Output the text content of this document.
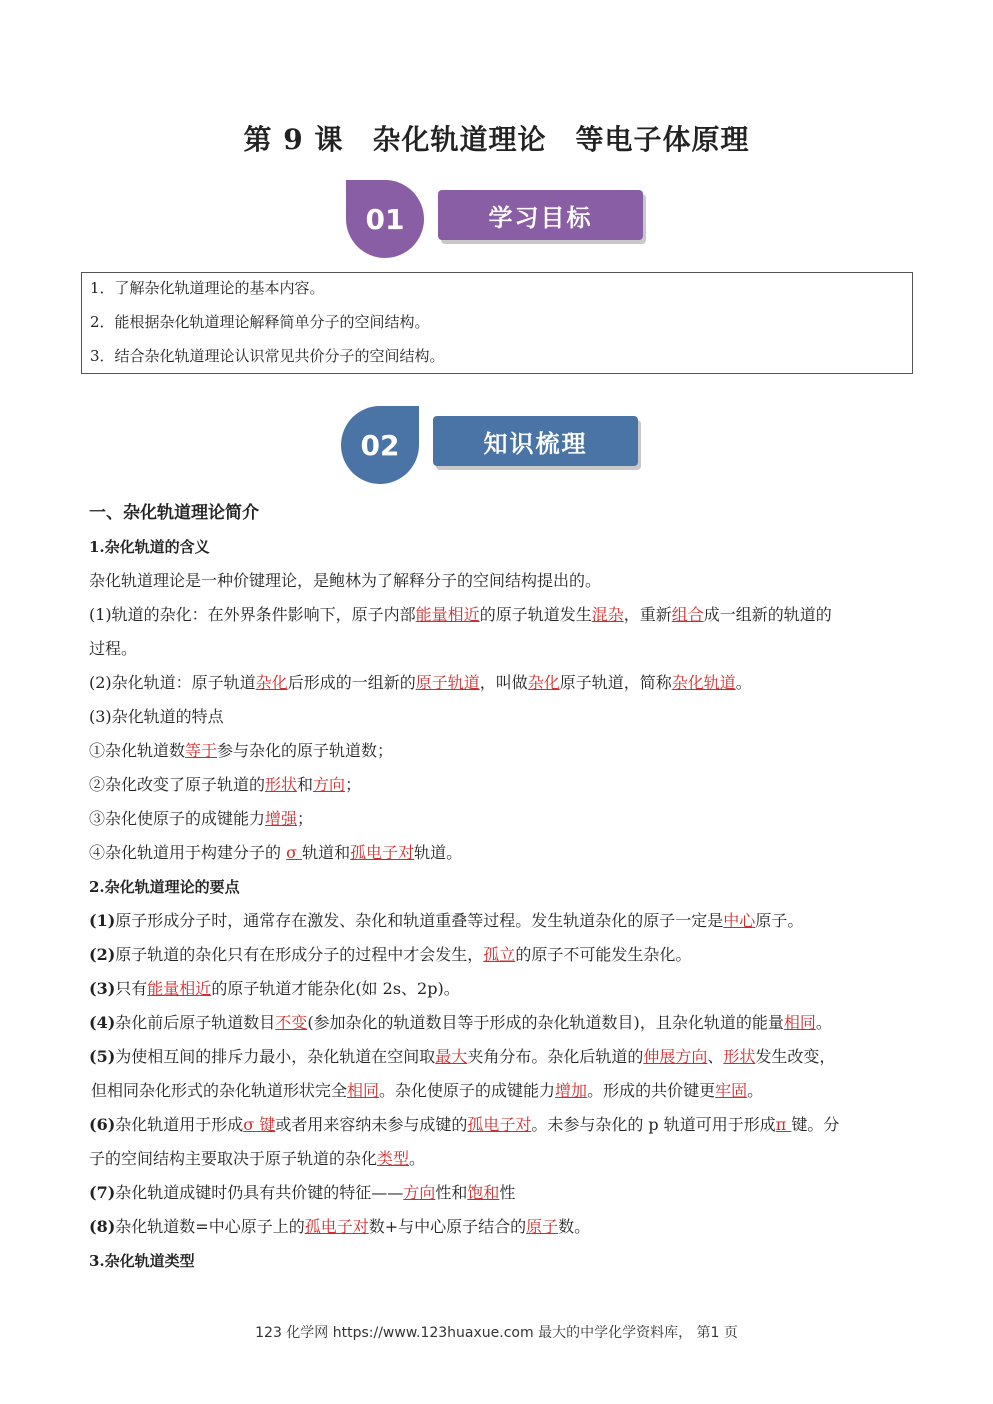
第 9 课　杂化轨道理论　等电子体原理
01	学习目标
1．了解杂化轨道理论的基本内容。
2．能根据杂化轨道理论解释简单分子的空间结构。
3．结合杂化轨道理论认识常见共价分子的空间结构。
02	知识梳理
一、杂化轨道理论简介
1.杂化轨道的含义
杂化轨道理论是一种价键理论，是鲍林为了解释分子的空间结构提出的。
(1)轨道的杂化：在外界条件影响下，原子内部能量相近的原子轨道发生混杂，重新组合成一组新的轨道的
过程。
(2)杂化轨道：原子轨道杂化后形成的一组新的原子轨道，叫做杂化原子轨道，简称杂化轨道。
(3)杂化轨道的特点
①杂化轨道数等于参与杂化的原子轨道数；
②杂化改变了原子轨道的形状和方向；
③杂化使原子的成键能力增强；
④杂化轨道用于构建分子的 σ 轨道和孤电子对轨道。
2.杂化轨道理论的要点
(1)原子形成分子时，通常存在激发、杂化和轨道重叠等过程。发生轨道杂化的原子一定是中心原子。
(2)原子轨道的杂化只有在形成分子的过程中才会发生，孤立的原子不可能发生杂化。
(3)只有能量相近的原子轨道才能杂化(如 2s、2p)。
(4)杂化前后原子轨道数目不变(参加杂化的轨道数目等于形成的杂化轨道数目)，且杂化轨道的能量相同。
(5)为使相互间的排斥力最小，杂化轨道在空间取最大夹角分布。杂化后轨道的伸展方向、形状发生改变，
但相同杂化形式的杂化轨道形状完全相同。杂化使原子的成键能力增加。形成的共价键更牢固。
(6)杂化轨道用于形成σ 键或者用来容纳未参与成键的孤电子对。未参与杂化的 p 轨道可用于形成π 键。分
子的空间结构主要取决于原子轨道的杂化类型。
(7)杂化轨道成键时仍具有共价键的特征——方向性和饱和性
(8)杂化轨道数=中心原子上的孤电子对数+与中心原子结合的原子数。
3.杂化轨道类型
123 化学网 https://www.123huaxue.com 最大的中学化学资料库， 第1 页
